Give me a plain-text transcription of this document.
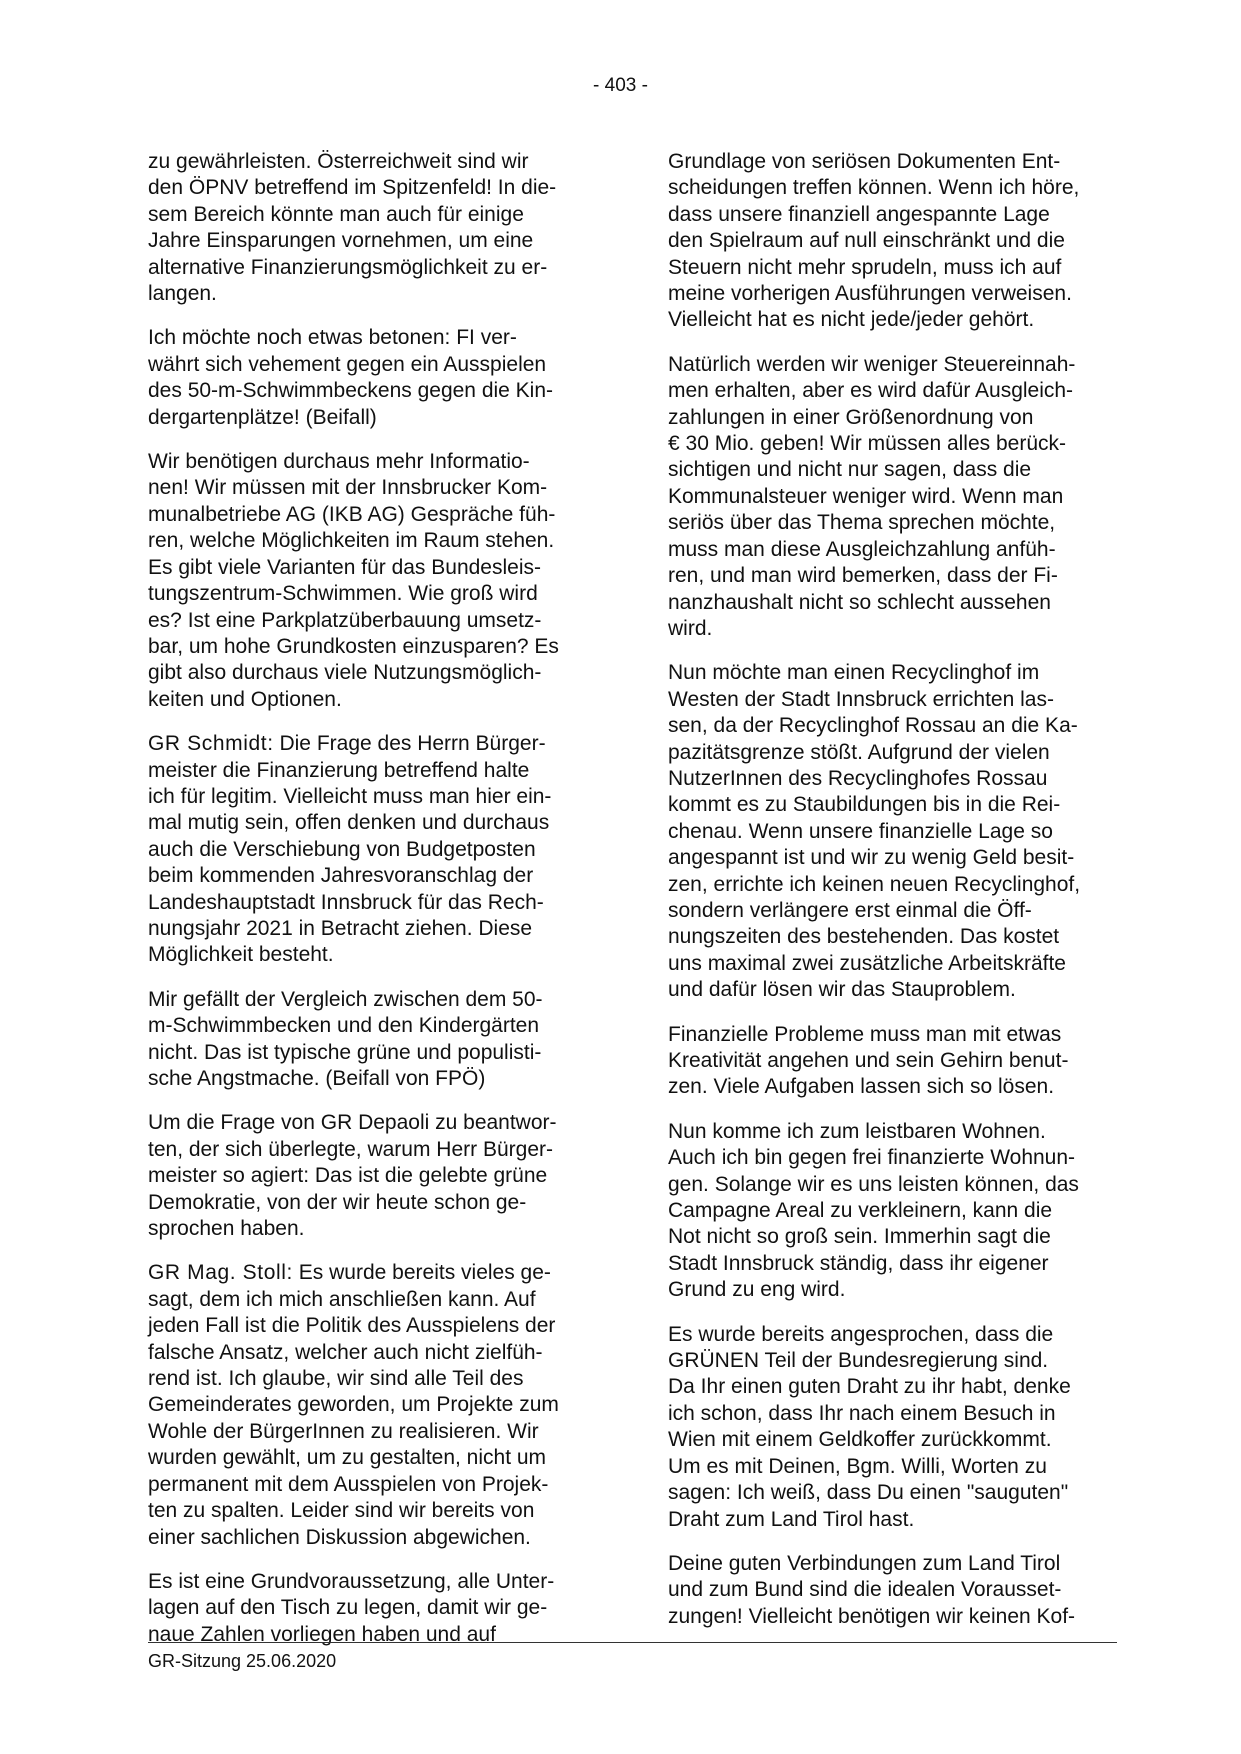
- 403 -

zu gewährleisten. Österreichweit sind wir
den ÖPNV betreffend im Spitzenfeld! In die-
sem Bereich könnte man auch für einige
Jahre Einsparungen vornehmen, um eine
alternative Finanzierungsmöglichkeit zu er-
langen.

Ich möchte noch etwas betonen: FI ver-
währt sich vehement gegen ein Ausspielen
des 50-m-Schwimmbeckens gegen die Kin-
dergartenplätze! (Beifall)

Wir benötigen durchaus mehr Informatio-
nen! Wir müssen mit der Innsbrucker Kom-
munalbetriebe AG (IKB AG) Gespräche füh-
ren, welche Möglichkeiten im Raum stehen.
Es gibt viele Varianten für das Bundesleis-
tungszentrum-Schwimmen. Wie groß wird
es? Ist eine Parkplatzüberbauung umsetz-
bar, um hohe Grundkosten einzusparen? Es
gibt also durchaus viele Nutzungsmöglich-
keiten und Optionen.

GR Schmidt: Die Frage des Herrn Bürger-
meister die Finanzierung betreffend halte
ich für legitim. Vielleicht muss man hier ein-
mal mutig sein, offen denken und durchaus
auch die Verschiebung von Budgetposten
beim kommenden Jahresvoranschlag der
Landeshauptstadt Innsbruck für das Rech-
nungsjahr 2021 in Betracht ziehen. Diese
Möglichkeit besteht.

Mir gefällt der Vergleich zwischen dem 50-
m-Schwimmbecken und den Kindergärten
nicht. Das ist typische grüne und populisti-
sche Angstmache. (Beifall von FPÖ)

Um die Frage von GR Depaoli zu beantwor-
ten, der sich überlegte, warum Herr Bürger-
meister so agiert: Das ist die gelebte grüne
Demokratie, von der wir heute schon ge-
sprochen haben.

GR Mag. Stoll: Es wurde bereits vieles ge-
sagt, dem ich mich anschließen kann. Auf
jeden Fall ist die Politik des Ausspielens der
falsche Ansatz, welcher auch nicht zielfüh-
rend ist. Ich glaube, wir sind alle Teil des
Gemeinderates geworden, um Projekte zum
Wohle der BürgerInnen zu realisieren. Wir
wurden gewählt, um zu gestalten, nicht um
permanent mit dem Ausspielen von Projek-
ten zu spalten. Leider sind wir bereits von
einer sachlichen Diskussion abgewichen.

Es ist eine Grundvoraussetzung, alle Unter-
lagen auf den Tisch zu legen, damit wir ge-
naue Zahlen vorliegen haben und auf

Grundlage von seriösen Dokumenten Ent-
scheidungen treffen können. Wenn ich höre,
dass unsere finanziell angespannte Lage
den Spielraum auf null einschränkt und die
Steuern nicht mehr sprudeln, muss ich auf
meine vorherigen Ausführungen verweisen.
Vielleicht hat es nicht jede/jeder gehört.

Natürlich werden wir weniger Steuereinnah-
men erhalten, aber es wird dafür Ausgleich-
zahlungen in einer Größenordnung von
€ 30 Mio. geben! Wir müssen alles berück-
sichtigen und nicht nur sagen, dass die
Kommunalsteuer weniger wird. Wenn man
seriös über das Thema sprechen möchte,
muss man diese Ausgleichzahlung anfüh-
ren, und man wird bemerken, dass der Fi-
nanzhaushalt nicht so schlecht aussehen
wird.

Nun möchte man einen Recyclinghof im
Westen der Stadt Innsbruck errichten las-
sen, da der Recyclinghof Rossau an die Ka-
pazitätsgrenze stößt. Aufgrund der vielen
NutzerInnen des Recyclinghofes Rossau
kommt es zu Staubildungen bis in die Rei-
chenau. Wenn unsere finanzielle Lage so
angespannt ist und wir zu wenig Geld besit-
zen, errichte ich keinen neuen Recyclinghof,
sondern verlängere erst einmal die Öff-
nungszeiten des bestehenden. Das kostet
uns maximal zwei zusätzliche Arbeitskräfte
und dafür lösen wir das Stauproblem.

Finanzielle Probleme muss man mit etwas
Kreativität angehen und sein Gehirn benut-
zen. Viele Aufgaben lassen sich so lösen.

Nun komme ich zum leistbaren Wohnen.
Auch ich bin gegen frei finanzierte Wohnun-
gen. Solange wir es uns leisten können, das
Campagne Areal zu verkleinern, kann die
Not nicht so groß sein. Immerhin sagt die
Stadt Innsbruck ständig, dass ihr eigener
Grund zu eng wird.

Es wurde bereits angesprochen, dass die
GRÜNEN Teil der Bundesregierung sind.
Da Ihr einen guten Draht zu ihr habt, denke
ich schon, dass Ihr nach einem Besuch in
Wien mit einem Geldkoffer zurückkommt.
Um es mit Deinen, Bgm. Willi, Worten zu
sagen: Ich weiß, dass Du einen "sauguten"
Draht zum Land Tirol hast.

Deine guten Verbindungen zum Land Tirol
und zum Bund sind die idealen Vorausset-
zungen! Vielleicht benötigen wir keinen Kof-

GR-Sitzung 25.06.2020
